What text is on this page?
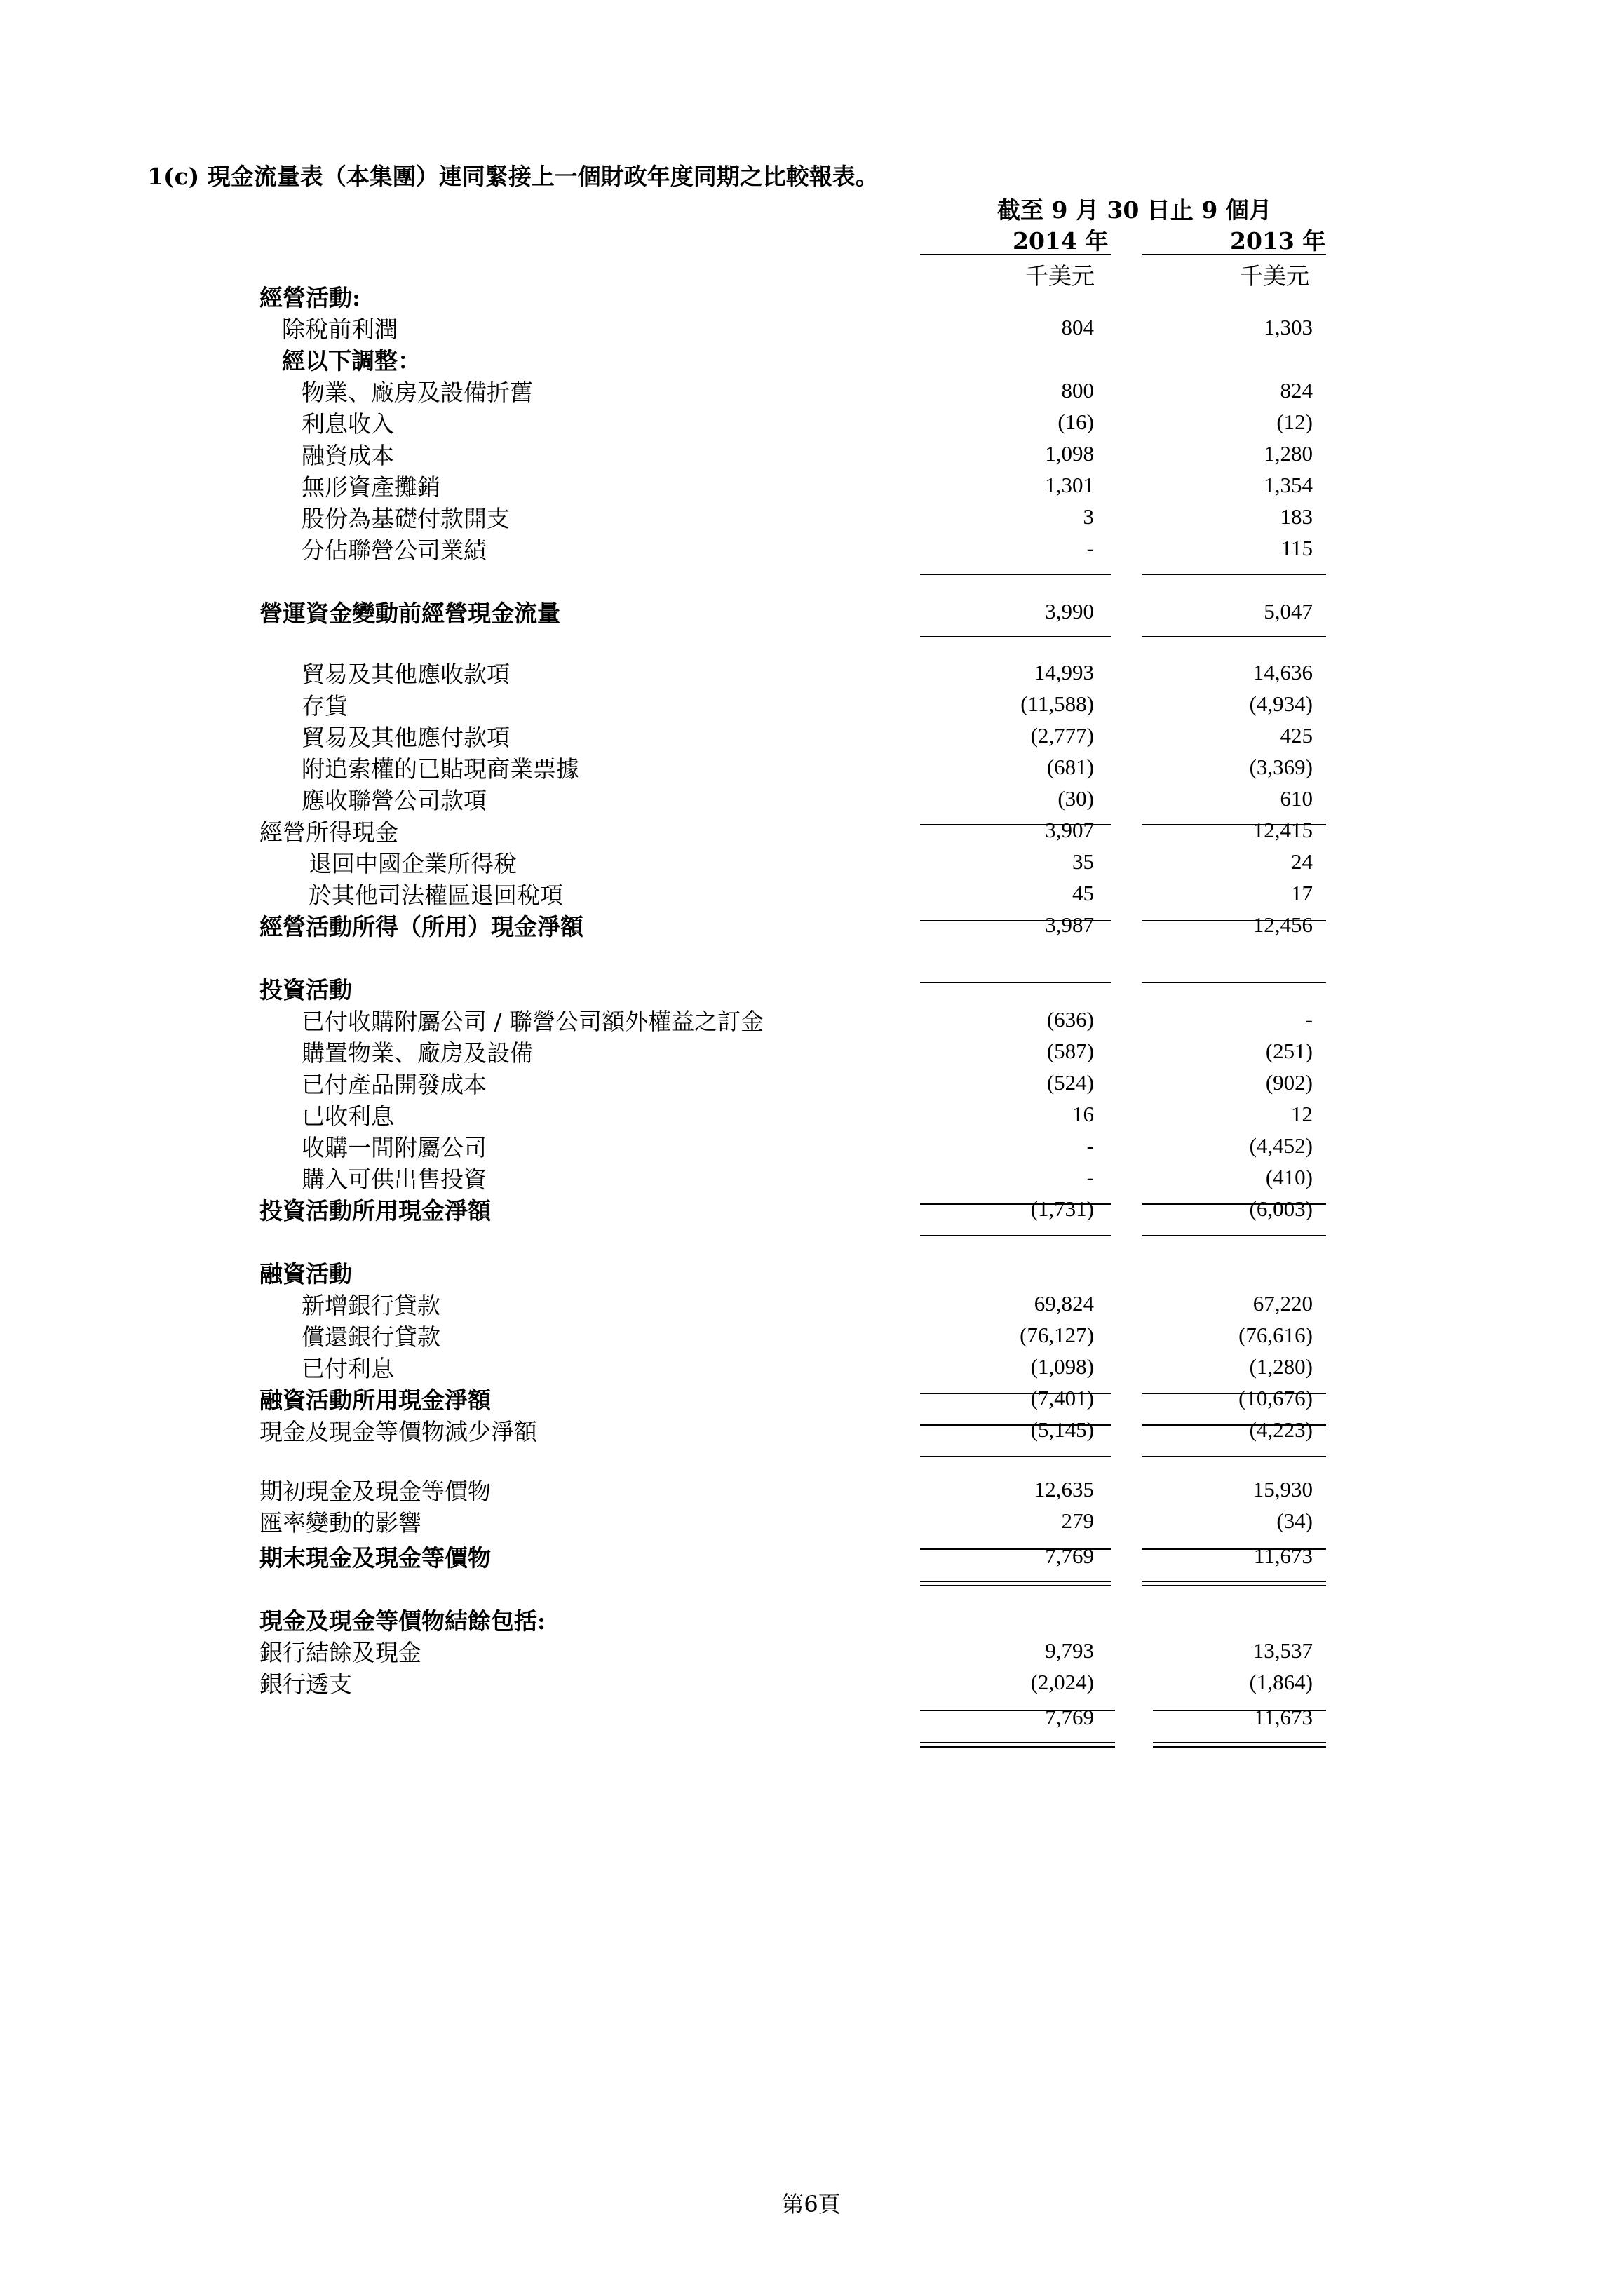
1(c) 現金流量表（本集團）連同緊接上一個財政年度同期之比較報表。
截至 9 月 30 日止 9 個月
2014 年	2013 年
千美元	千美元
經營活動:
除稅前利潤	804	1,303
經以下調整：
物業、廠房及設備折舊	800	824
利息收入	(16)	(12)
融資成本	1,098	1,280
無形資產攤銷	1,301	1,354
股份為基礎付款開支	3	183
分佔聯營公司業績	-	115
營運資金變動前經營現金流量	3,990	5,047
貿易及其他應收款項	14,993	14,636
存貨	(11,588)	(4,934)
貿易及其他應付款項	(2,777)	425
附追索權的已貼現商業票據	(681)	(3,369)
應收聯營公司款項	(30)	610
經營所得現金	3,907	12,415
退回中國企業所得稅	35	24
於其他司法權區退回稅項	45	17
經營活動所得（所用）現金淨額	3,987	12,456
投資活動
已付收購附屬公司 / 聯營公司額外權益之訂金	(636)	-
購置物業、廠房及設備	(587)	(251)
已付產品開發成本	(524)	(902)
已收利息	16	12
收購一間附屬公司	-	(4,452)
購入可供出售投資	-	(410)
投資活動所用現金淨額	(1,731)	(6,003)
融資活動
新增銀行貸款	69,824	67,220
償還銀行貸款	(76,127)	(76,616)
已付利息	(1,098)	(1,280)
融資活動所用現金淨額	(7,401)	(10,676)
現金及現金等價物減少淨額	(5,145)	(4,223)
期初現金及現金等價物	12,635	15,930
匯率變動的影響	279	(34)
期末現金及現金等價物	7,769	11,673
現金及現金等價物結餘包括:
銀行結餘及現金	9,793	13,537
銀行透支	(2,024)	(1,864)
7,769	11,673
第6頁
